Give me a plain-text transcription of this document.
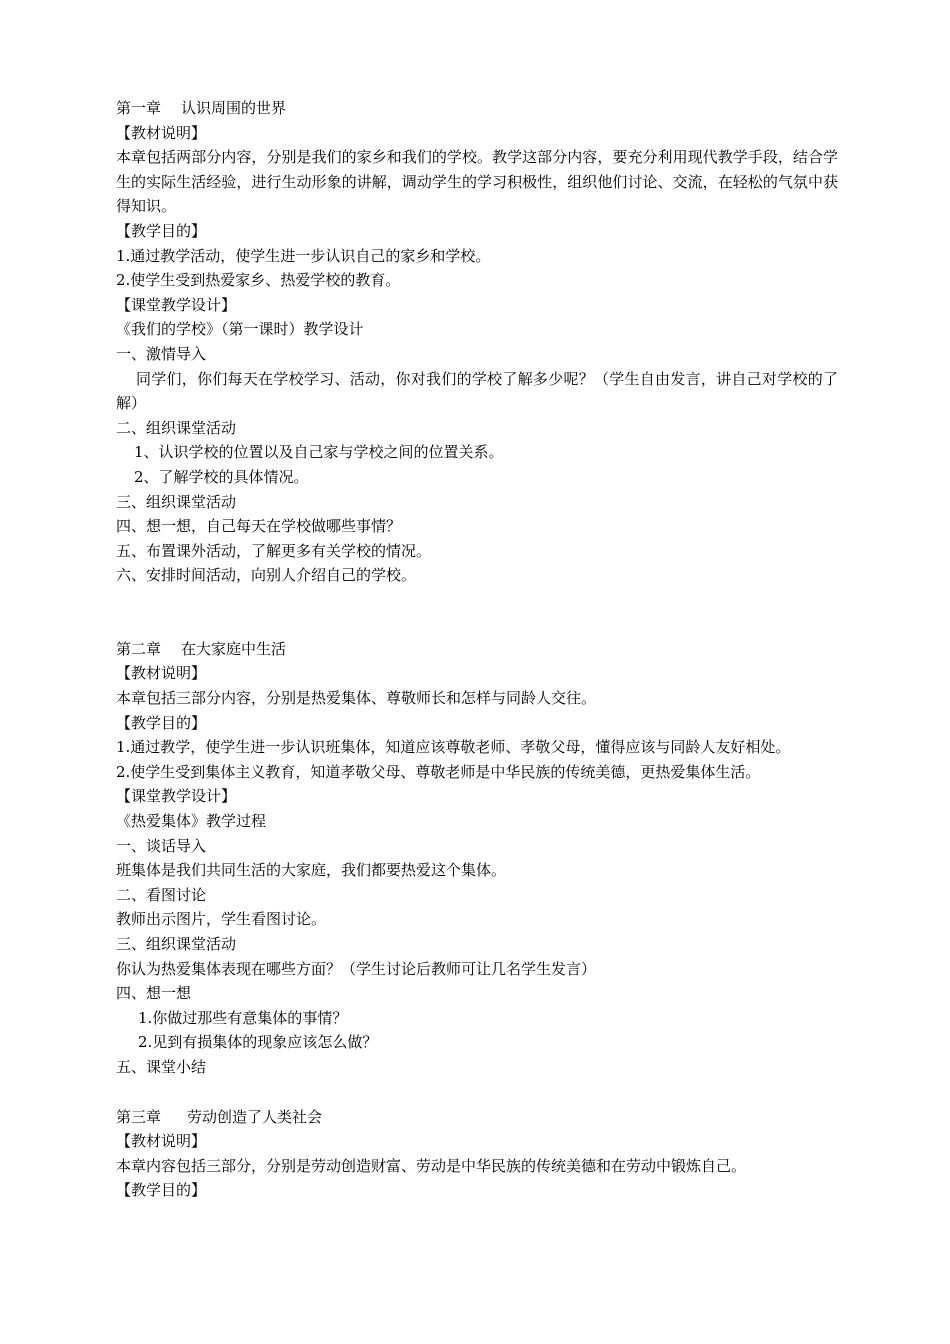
第一章 认识周围的世界
【教材说明】
本章包括两部分内容，分别是我们的家乡和我们的学校。教学这部分内容，要充分利用现代教学手段，结合学生的实际生活经验，进行生动形象的讲解，调动学生的学习积极性，组织他们讨论、交流，在轻松的气氛中获得知识。
【教学目的】
1.通过教学活动，使学生进一步认识自己的家乡和学校。
2.使学生受到热爱家乡、热爱学校的教育。
【课堂教学设计】
《我们的学校》（第一课时）教学设计
一、激情导入
同学们，你们每天在学校学习、活动，你对我们的学校了解多少呢？（学生自由发言，讲自己对学校的了解）
二、组织课堂活动
1、认识学校的位置以及自己家与学校之间的位置关系。
2、了解学校的具体情况。
三、组织课堂活动
四、想一想，自己每天在学校做哪些事情？
五、布置课外活动，了解更多有关学校的情况。
六、安排时间活动，向别人介绍自己的学校。
第二章 在大家庭中生活
【教材说明】
本章包括三部分内容，分别是热爱集体、尊敬师长和怎样与同龄人交往。
【教学目的】
1.通过教学，使学生进一步认识班集体，知道应该尊敬老师、孝敬父母，懂得应该与同龄人友好相处。
2.使学生受到集体主义教育，知道孝敬父母、尊敬老师是中华民族的传统美德，更热爱集体生活。
【课堂教学设计】
《热爱集体》教学过程
一、谈话导入
班集体是我们共同生活的大家庭，我们都要热爱这个集体。
二、看图讨论
教师出示图片，学生看图讨论。
三、组织课堂活动
你认为热爱集体表现在哪些方面？（学生讨论后教师可让几名学生发言）
四、想一想
1.你做过那些有意集体的事情？
2.见到有损集体的现象应该怎么做？
五、课堂小结
第三章 劳动创造了人类社会
【教材说明】
本章内容包括三部分，分别是劳动创造财富、劳动是中华民族的传统美德和在劳动中锻炼自己。
【教学目的】
